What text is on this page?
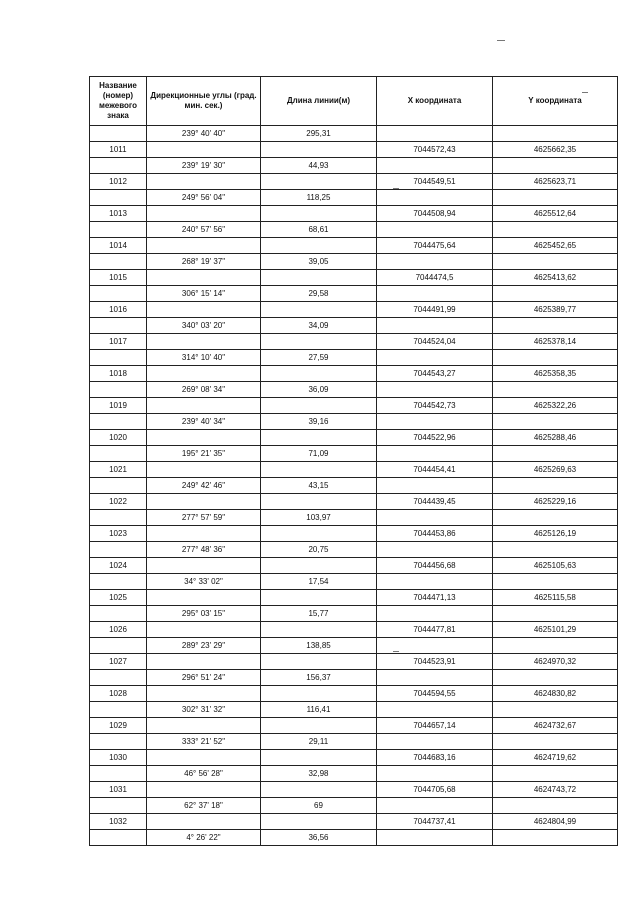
Название (номер) межевого знака	Дирекционные углы (град. мин. сек.)	Длина линии(м)	X координата	Y координата

	239° 40' 40"	295,31		
1011			7044572,43	4625662,35
	239° 19' 30"	44,93		
1012			7044549,51	4625623,71
	249° 56' 04"	118,25		
1013			7044508,94	4625512,64
	240° 57' 56"	68,61		
1014			7044475,64	4625452,65
	268° 19' 37"	39,05		
1015			7044474,5	4625413,62
	306° 15' 14"	29,58		
1016			7044491,99	4625389,77
	340° 03' 20"	34,09		
1017			7044524,04	4625378,14
	314° 10' 40"	27,59		
1018			7044543,27	4625358,35
	269° 08' 34"	36,09		
1019			7044542,73	4625322,26
	239° 40' 34"	39,16		
1020			7044522,96	4625288,46
	195° 21' 35"	71,09		
1021			7044454,41	4625269,63
	249° 42' 46"	43,15		
1022			7044439,45	4625229,16
	277° 57' 59"	103,97		
1023			7044453,86	4625126,19
	277° 48' 36"	20,75		
1024			7044456,68	4625105,63
	34° 33' 02"	17,54		
1025			7044471,13	4625115,58
	295° 03' 15"	15,77		
1026			7044477,81	4625101,29
	289° 23' 29"	138,85		
1027			7044523,91	4624970,32
	296° 51' 24"	156,37		
1028			7044594,55	4624830,82
	302° 31' 32"	116,41		
1029			7044657,14	4624732,67
	333° 21' 52"	29,11		
1030			7044683,16	4624719,62
	46° 56' 28"	32,98		
1031			7044705,68	4624743,72
	62° 37' 18"	69		
1032			7044737,41	4624804,99
	4° 26' 22"	36,56		
